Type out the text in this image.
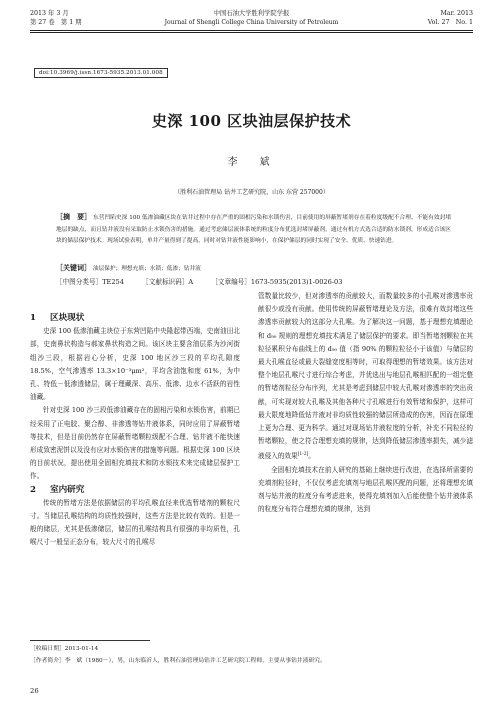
2013 年 3 月
第 27 卷　第 1 期
中国石油大学胜利学院学报
Journal of Shengli College China University of Petroleum
Mar. 2013
Vol. 27　No. 1
doi:10.3969/j.issn.1673-5935.2013.01.008
史深 100 区块油层保护技术
李　斌
（胜利石油管理局 钻井工艺研究院，山东 东营 257000）
［摘　要］ 东营凹陷史深 100 低渗油藏区块在钻井过程中存在严重的固相污染和水锁伤害，目前使用的屏蔽暂堵剂存在着粒度级配不合理、不能有效封堵地层的缺点，而且钻井液没有采取防止水锁伤害的措施。通过考虑储层流体系统的粒度分布优选封堵屏蔽剂，通过有机方式选合适的防水锁剂，形成适合该区块的储层保护技术。现场试验表明，单井产量得到了提高，同时对钻井液性能影响小，在保护储层的同时实现了安全、优质、快速钻进。
［关键词］ 油层保护；理想充填；水锁；低渗；钻井液
［中图分类号］TE254	［文献标识码］A	［文章编号］1673-5935(2013)1-0026-03

1 区块现状

史深 100 低渗油藏主块位于东营凹陷中央隆起带西端，史南油田北部，史南鼻状构造与郝家鼻状构造之间。该区块主要含油层系为沙河街组沙三段，根据岩心分析，史深 100 地区沙三段的平均孔隙度 18.5%，空气渗透率 13.3×10⁻³μm²，平均含油饱和度 61%，为中孔、特低－低渗透储层，属于理藏深、高压、低渗、边水不活跃的岩性油藏。

针对史深 100 沙三段低渗油藏存在的固相污染和水锁伤害，前期已经采用了正电胶、聚合醇、非渗透等钻井液体系，同时应用了屏蔽暂堵等技术，但是目前仍然存在屏蔽暂堵颗粒级配不合理、钻井液不能快速形成致密泥饼以及没有应对水锁伤害的措施等问题。根据史深 100 区块的目前状况，提出使用全固相充填技术和防水锁技术来完成储层保护工作。

2 室内研究

传统的暂堵方法是依据储层的平均孔喉直径来优选暂堵剂的颗粒尺寸。当储层孔喉结构的均质性较强时，这些方法是比较有效的。但是一般的储层，尤其是低渗储层，储层的孔喉结构具有很强的非均质性，孔喉尺寸一般呈正态分布，较大尺寸的孔喉尽

管数量比较少，但对渗透率的贡献较大，而数量较多的小孔喉对渗透率贡献很少或没有贡献。使用传统的屏蔽暂堵理论及方法，很难有效封堵这些渗透率贡献较大的这部分大孔喉。为了解决这一问题，基于理想充填理论和 d₉₀ 规则的理想充填技术满足了储层保护的要求。即当暂堵剂颗粒在其粒径累积分布曲线上的 d₉₀ 值（指 90% 的颗粒粒径小于该值）与储层的最大孔喉直径或最大裂缝宽度相等时，可取得理想的暂堵效果。该方法对整个地层孔喉尺寸进行综合考虑，并优选出与地层孔喉相匹配的一组完整的暂堵剂粒径分布序列，尤其是考虑到储层中较大孔喉对渗透率的突出贡献，可实现对较大孔喉及其他各种尺寸孔喉进行有效暂堵和保护，这样可最大限度地降低钻井液对非均质性较强的储层所造成的伤害，因而在原理上更为合理、更为科学。通过对现场钻井液粒度的分析，补充不同粒径的暂堵颗粒，使之符合理想充填的规律，达到降低储层渗透率损失，减少滤液侵入的效果[1-2]。

全固相充填技术在前人研究的基础上继续进行改进，在选择所需要的充填剂粒径时，不仅仅考虑充填剂与地层孔喉匹配的问题，还将理想充填剂与钻井液的粒度分布考虑进来，使得充填剂加入后能使整个钻井液体系的粒度分布符合理想充填的规律，达到

［收稿日期］2013-01-14
［作者简介］李　斌（1980－），男，山东临沂人，胜利石油管理局钻井工艺研究院工程师，主要从事钻井液研究。
26
